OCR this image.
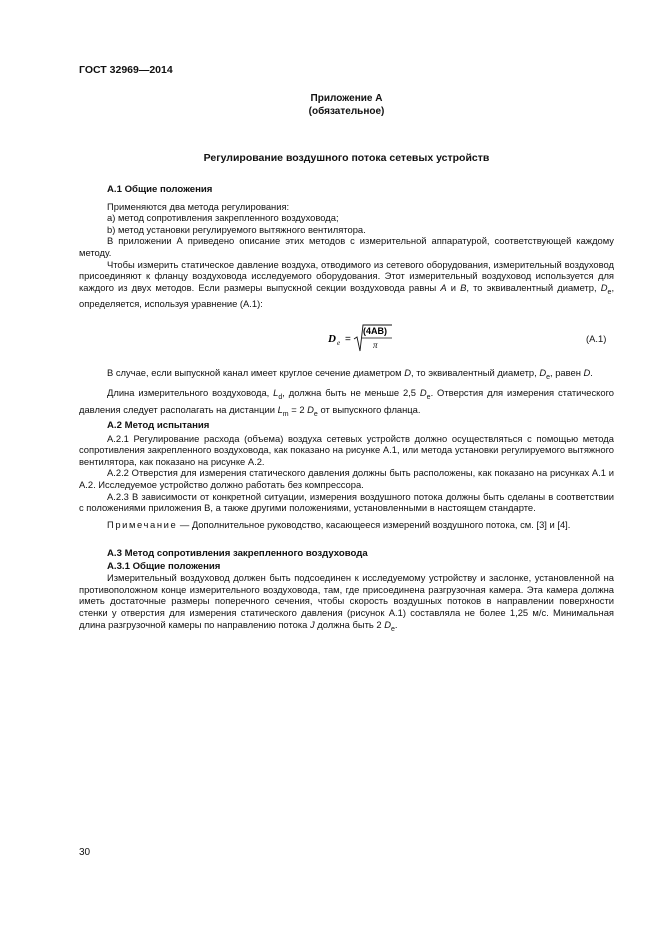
ГОСТ 32969—2014
Приложение А
(обязательное)
Регулирование воздушного потока сетевых устройств

А.1 Общие положения

Применяются два метода регулирования:

а) метод сопротивления закрепленного воздуховода;

b) метод установки регулируемого вытяжного вентилятора.

В приложении А приведено описание этих методов с измерительной аппаратурой, соответствующей каждому методу.

Чтобы измерить статическое давление воздуха, отводимого из сетевого оборудования, измерительный воздуховод присоединяют к фланцу воздуховода исследуемого оборудования. Этот измерительный воздуховод используется для каждого из двух методов. Если размеры выпускной секции воздуховода равны А и В, то эквивалентный диаметр, $D_e$, определяется, используя уравнение (А.1):

D e =
(4AB)
π
(А.1)

В случае, если выпускной канал имеет круглое сечение диаметром D, то эквивалентный диаметр, $D_e$, равен D.

Длина измерительного воздуховода, $L_d$, должна быть не меньше 2,5 $D_e$. Отверстия для измерения статического давления следует располагать на дистанции $L_m = 2$ $D_e$ от выпускного фланца.

А.2 Метод испытания

А.2.1 Регулирование расхода (объема) воздуха сетевых устройств должно осуществляться с помощью метода сопротивления закрепленного воздуховода, как показано на рисунке А.1, или метода установки регулируемого вытяжного вентилятора, как показано на рисунке А.2.

А.2.2 Отверстия для измерения статического давления должны быть расположены, как показано на рисунках А.1 и А.2. Исследуемое устройство должно работать без компрессора.

А.2.3 В зависимости от конкретной ситуации, измерения воздушного потока должны быть сделаны в соответствии с положениями приложения В, а также другими положениями, установленными в настоящем стандарте.

Примечание — Дополнительное руководство, касающееся измерений воздушного потока, см. [3] и [4].

А.3 Метод сопротивления закрепленного воздуховода

А.3.1 Общие положения

Измерительный воздуховод должен быть подсоединен к исследуемому устройству и заслонке, установленной на противоположном конце измерительного воздуховода, там, где присоединена разгрузочная камера. Эта камера должна иметь достаточные размеры поперечного сечения, чтобы скорость воздушных потоков в направлении поверхности стенки у отверстия для измерения статического давления (рисунок А.1) составляла не более 1,25 м/с. Минимальная длина разгрузочной камеры по направлению потока J должна быть 2 $D_e$.

30
